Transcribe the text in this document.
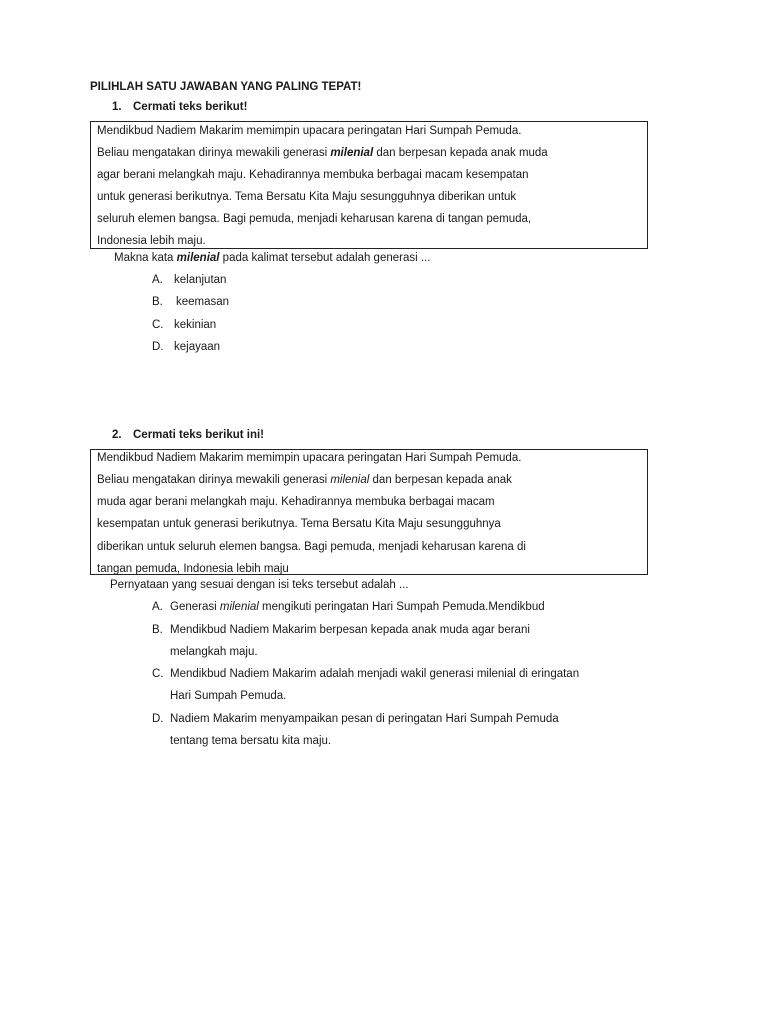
PILIHLAH SATU JAWABAN YANG PALING TEPAT!
1. Cermati teks berikut!
Mendikbud Nadiem Makarim memimpin upacara peringatan Hari Sumpah Pemuda.
Beliau mengatakan dirinya mewakili generasi milenial dan berpesan kepada anak muda
agar berani melangkah maju. Kehadirannya membuka berbagai macam kesempatan
untuk generasi berikutnya. Tema Bersatu Kita Maju sesungguhnya diberikan untuk
seluruh elemen bangsa. Bagi pemuda, menjadi keharusan karena di tangan pemuda,
Indonesia lebih maju.
Makna kata milenial pada kalimat tersebut adalah generasi ...
A. kelanjutan
B. keemasan
C. kekinian
D. kejayaan
2. Cermati teks berikut ini!
Mendikbud Nadiem Makarim memimpin upacara peringatan Hari Sumpah Pemuda.
Beliau mengatakan dirinya mewakili generasi milenial dan berpesan kepada anak
muda agar berani melangkah maju. Kehadirannya membuka berbagai macam
kesempatan untuk generasi berikutnya. Tema Bersatu Kita Maju sesungguhnya
diberikan untuk seluruh elemen bangsa. Bagi pemuda, menjadi keharusan karena di
tangan pemuda, Indonesia lebih maju
Pernyataan yang sesuai dengan isi teks tersebut adalah ...
A. Generasi milenial mengikuti peringatan Hari Sumpah Pemuda.Mendikbud
B. Mendikbud Nadiem Makarim berpesan kepada anak muda agar berani
melangkah maju.
C. Mendikbud Nadiem Makarim adalah menjadi wakil generasi milenial di eringatan
Hari Sumpah Pemuda.
D. Nadiem Makarim menyampaikan pesan di peringatan Hari Sumpah Pemuda
tentang tema bersatu kita maju.
